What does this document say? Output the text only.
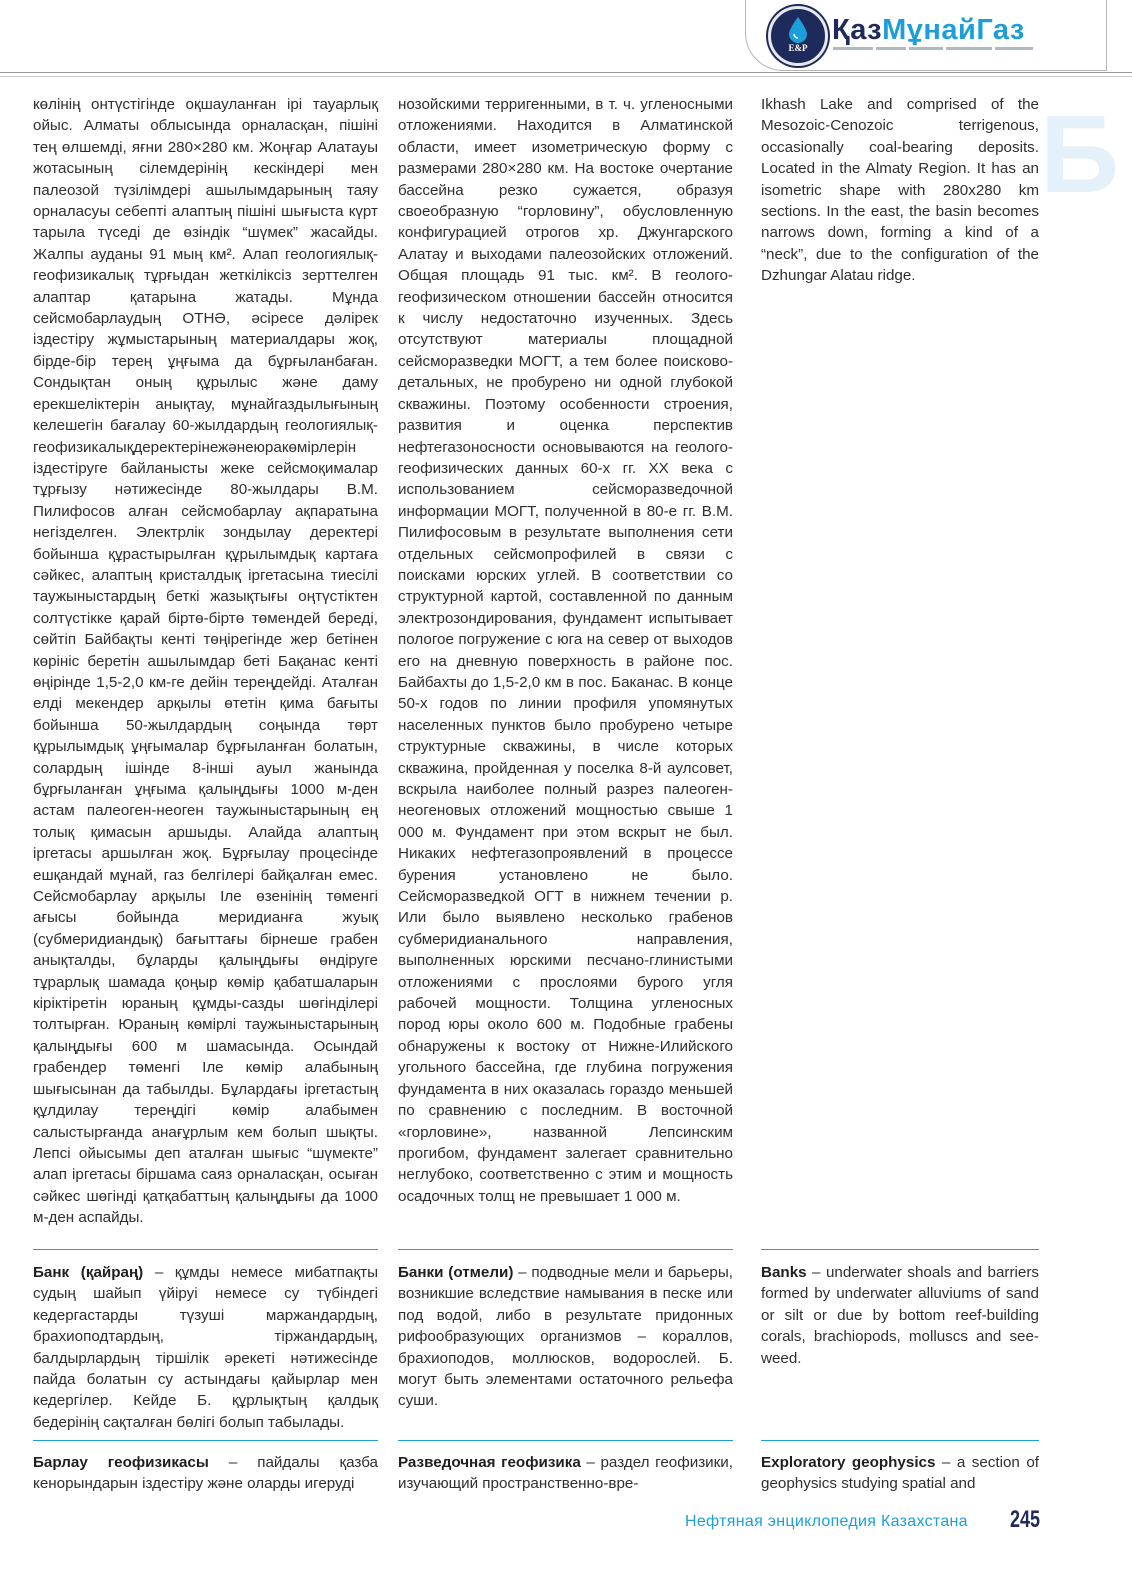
E&P
ҚазМұнайГаз
Б

көлінің онтүстігінде оқшауланған ірі тауарлық ойыс. Алматы облысында орналасқан, пішіні тең өлшемді, яғни 280×280 км. Жоңғар Алатауы жотасының сілемдерінің кескіндері мен палеозой түзілімдері ашылымдарының таяу орналасуы себепті алаптың пішіні шығыста күрт тарыла түседі де өзіндік “шүмек” жасайды. Жалпы ауданы 91 мың км². Алап геологиялық-геофизикалық тұрғыдан жеткіліксіз зерттелген алаптар қатарына жатады. Мұнда сейсмобарлаудың ОТНӘ, әсіресе дәлірек іздестіру жұмыстарының материалдары жоқ, бірде-бір терең ұңғыма да бұрғыланбаған. Сондықтан оның құрылыс және даму ерекшеліктерін анықтау, мұнайгаздылығының келешегін бағалау 60-жылдардың геологиялық-геофизикалықдеректерінежәнеюракөмірлерін іздестіруге байланысты жеке сейсмоқималар тұрғызу нәтижесінде 80-жылдары В.М. Пилифосов алған сейсмобарлау ақпаратына негізделген. Электрлік зондылау деректері бойынша құрастырылған құрылымдық картаға сәйкес, алаптың кристалдық іргетасына тиесілі таужыныстардың беткі жазықтығы оңтүстіктен солтүстікке қарай біртө-біртө төмендей береді, сөйтіп Байбақты кенті төңірегінде жер бетінен көрініс беретін ашылымдар беті Бақанас кенті өңірінде 1,5-2,0 км-ге дейін тереңдейді. Аталған елді мекендер арқылы өтетін қима бағыты бойынша 50-жылдардың соңында төрт құрылымдық ұңғымалар бұрғыланған болатын, солардың ішінде 8-інші ауыл жанында бұрғыланған ұңғыма қалыңдығы 1000 м-ден астам палеоген-неоген таужыныстарының ең толық қимасын аршыды. Алайда алаптың іргетасы аршылған жоқ. Бұрғылау процесінде ешқандай мұнай, газ белгілері байқалған емес. Сейсмобарлау арқылы Іле өзенінің төменгі ағысы бойында меридианға жуық (субмеридиандық) бағыттағы бірнеше грабен анықталды, бұларды қалыңдығы өндіруге тұрарлық шамада қоңыр көмір қабатшаларын кіріктіретін юраның құмды-сазды шөгінділері толтырған. Юраның көмірлі таужыныстарының қалыңдығы 600 м шамасында. Осындай грабендер төменгі Іле көмір алабының шығысынан да табылды. Бұлардағы іргетастың құлдилау тереңдігі көмір алабымен салыстырғанда анағұрлым кем болып шықты. Лепсі ойысымы деп аталған шығыс “шүмекте” алап іргетасы біршама саяз орналасқан, осыған сәйкес шөгінді қатқабаттың қалыңдығы да 1000 м-ден аспайды.

нозойскими терригенными, в т. ч. угленосными отложениями. Находится в Алматинской области, имеет изометрическую форму с размерами 280×280 км. На востоке очертание бассейна резко сужается, образуя своеобразную “горловину”, обусловленную конфигурацией отрогов хр. Джунгарского Алатау и выходами палеозойских отложений. Общая площадь 91 тыс. км². В геолого-геофизическом отношении бассейн относится к числу недостаточно изученных. Здесь отсутствуют материалы площадной сейсморазведки МОГТ, а тем более поисково-детальных, не пробурено ни одной глубокой скважины. Поэтому особенности строения, развития и оценка перспектив нефтегазоносности основываются на геолого-геофизических данных 60-х гг. XX века с использованием сейсморазведочной информации МОГТ, полученной в 80-е гг. В.М. Пилифосовым в результате выполнения сети отдельных сейсмопрофилей в связи с поисками юрских углей. В соответствии со структурной картой, составленной по данным электрозондирования, фундамент испытывает пологое погружение с юга на север от выходов его на дневную поверхность в районе пос. Байбахты до 1,5-2,0 км в пос. Баканас. В конце 50-х годов по линии профиля упомянутых населенных пунктов было пробурено четыре структурные скважины, в числе которых скважина, пройденная у поселка 8-й аулсовет, вскрыла наиболее полный разрез палеоген-неогеновых отложений мощностью свыше 1 000 м. Фундамент при этом вскрыт не был. Никаких нефтегазопроявлений в процессе бурения установлено не было. Сейсморазведкой ОГТ в нижнем течении р. Или было выявлено несколько грабенов субмеридианального направления, выполненных юрскими песчано-глинистыми отложениями с прослоями бурого угля рабочей мощности. Толщина угленосных пород юры около 600 м. Подобные грабены обнаружены к востоку от Нижне-Илийского угольного бассейна, где глубина погружения фундамента в них оказалась гораздо меньшей по сравнению с последним. В восточной «горловине», названной Лепсинским прогибом, фундамент залегает сравнительно неглубоко, соответственно с этим и мощность осадочных толщ не превышает 1 000 м.

Ikhash Lake and comprised of the Mesozoic-Cenozoic terrigenous, occasionally coal-bearing deposits. Located in the Almaty Region. It has an isometric shape with 280x280 km sections. In the east, the basin becomes narrows down, forming a kind of a “neck”, due to the configuration of the Dzhungar Alatau ridge.

Банк (қайраң) – құмды немесе мибатпақты судың шайып үйіруі немесе су түбіндегі кедергастарды түзуші маржандардың, брахиоподтардың, тіржандардың, балдырлардың тіршілік әрекеті нәтижесінде пайда болатын су астындағы қайырлар мен кедергілер. Кейде Б. құрлықтың қалдық бедерінің сақталған бөлігі болып табылады.

Банки (отмели) – подводные мели и барьеры, возникшие вследствие намывания в песке или под водой, либо в результате придонных рифообразующих организмов – кораллов, брахиоподов, моллюсков, водорослей. Б. могут быть элементами остаточного рельефа суши.

Banks – underwater shoals and barriers formed by underwater alluviums of sand or silt or due by bottom reef-building corals, brachiopods, molluscs and see-weed.

Барлау геофизикасы – пайдалы қазба кенорындарын іздестіру және оларды игеруді

Разведочная геофизика – раздел геофизики, изучающий пространственно-вре-

Exploratory geophysics – a section of geophysics studying spatial and

Нефтяная энциклопедия Казахстана 245
